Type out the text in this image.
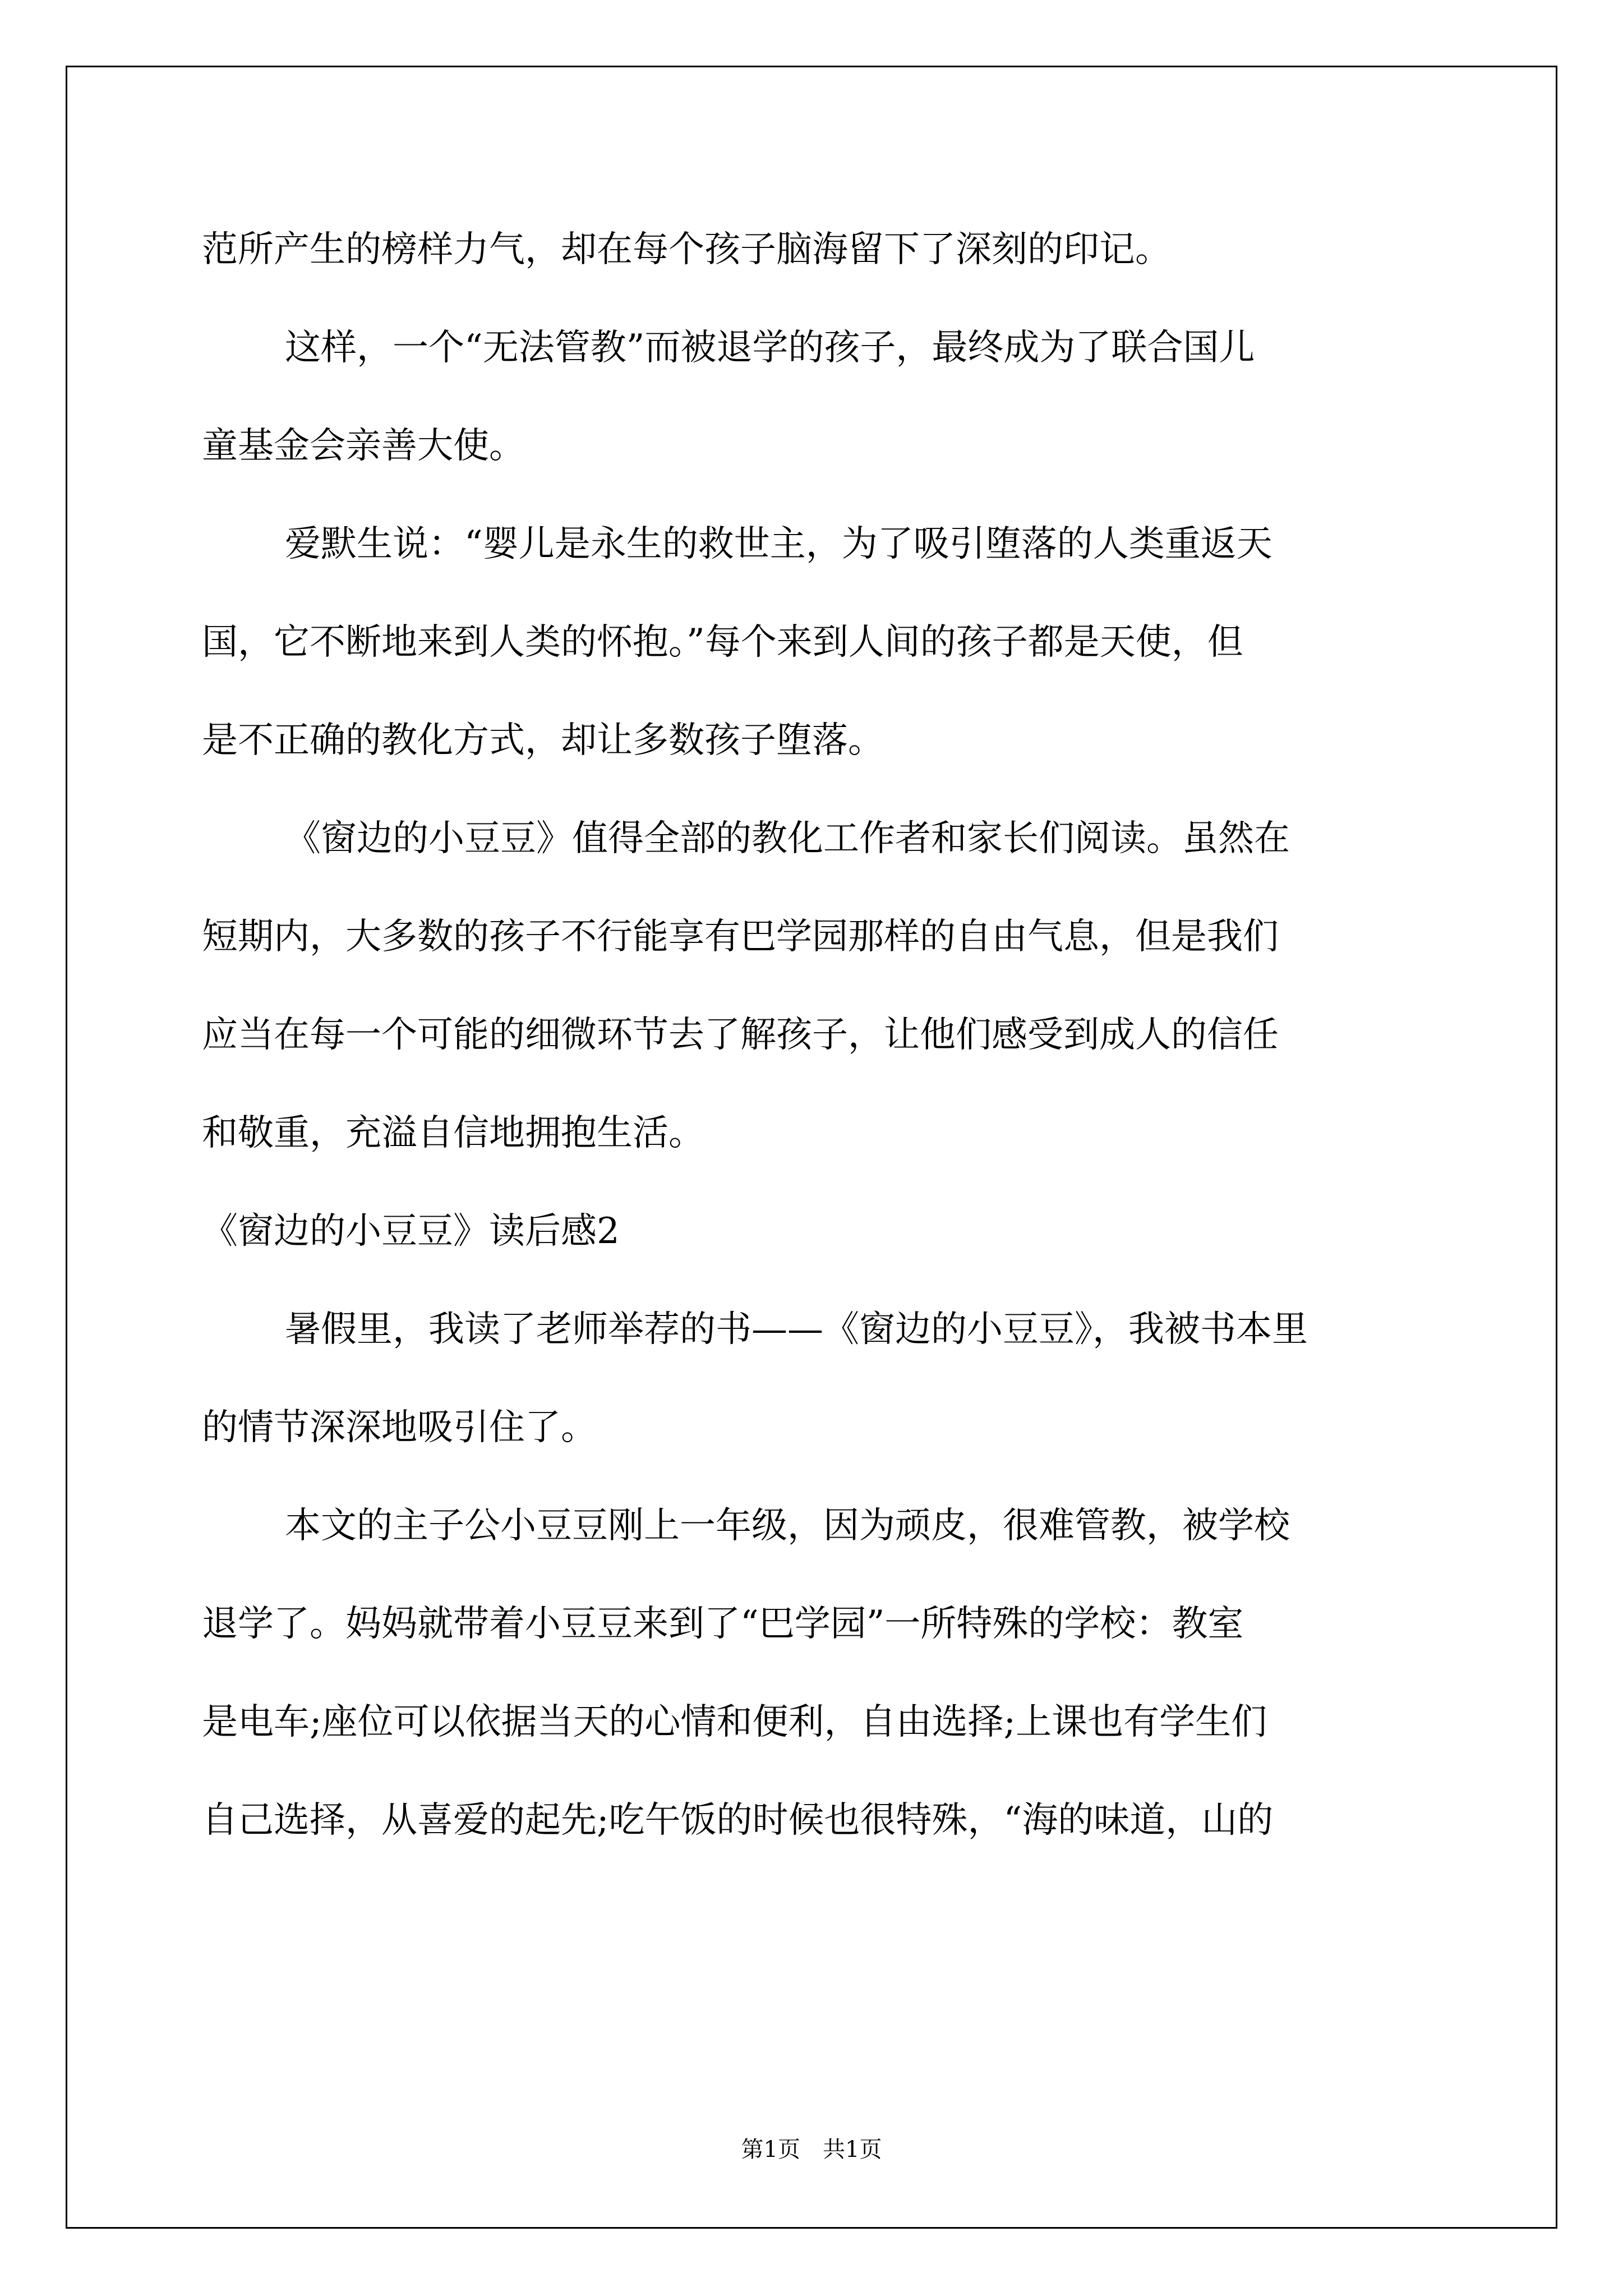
范所产生的榜样力气，却在每个孩子脑海留下了深刻的印记。
这样，一个“无法管教”而被退学的孩子，最终成为了联合国儿
童基金会亲善大使。
爱默生说：“婴儿是永生的救世主，为了吸引堕落的人类重返天
国，它不断地来到人类的怀抱。”每个来到人间的孩子都是天使，但
是不正确的教化方式，却让多数孩子堕落。
《窗边的小豆豆》值得全部的教化工作者和家长们阅读。虽然在
短期内，大多数的孩子不行能享有巴学园那样的自由气息，但是我们
应当在每一个可能的细微环节去了解孩子，让他们感受到成人的信任
和敬重，充溢自信地拥抱生活。
《窗边的小豆豆》读后感2
暑假里，我读了老师举荐的书——《窗边的小豆豆》，我被书本里
的情节深深地吸引住了。
本文的主子公小豆豆刚上一年级，因为顽皮，很难管教，被学校
退学了。妈妈就带着小豆豆来到了“巴学园”一所特殊的学校：教室
是电车;座位可以依据当天的心情和便利，自由选择;上课也有学生们
自己选择，从喜爱的起先;吃午饭的时候也很特殊，“海的味道，山的
第1页　共1页
